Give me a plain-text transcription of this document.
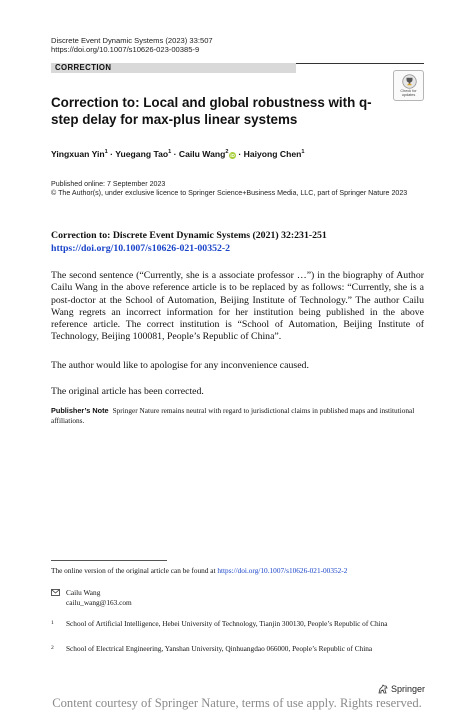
Discrete Event Dynamic Systems (2023) 33:507
https://doi.org/10.1007/s10626-023-00385-9
CORRECTION
Check for
updates
Correction to: Local and global robustness with q-step delay for max-plus linear systems
Yingxuan Yin$^1$ · Yuegang Tao$^1$ · Cailu Wang$^2$iD · Haiyong Chen$^1$
Published online: 7 September 2023
© The Author(s), under exclusive licence to Springer Science+Business Media, LLC, part of Springer Nature 2023
Correction to: Discrete Event Dynamic Systems (2021) 32:231-251
https://doi.org/10.1007/s10626-021-00352-2

The second sentence (“Currently, she is a associate professor …”) in the biography of Author Cailu Wang in the above reference article is to be replaced by as follows: “Currently, she is a post-doctor at the School of Automation, Beijing Institute of Technology.” The author Cailu Wang regrets an incorrect information for her institution being published in the above reference article. The correct institution is “School of Automation, Beijing Institute of Technology, Beijing 100081, People’s Republic of China”.

The author would like to apologise for any inconvenience caused.

The original article has been corrected.

Publisher’s Note Springer Nature remains neutral with regard to jurisdictional claims in published maps and institutional affiliations.
The online version of the original article can be found at https://doi.org/10.1007/s10626-021-00352-2
Cailu Wang
cailu_wang@163.com
1 School of Artificial Intelligence, Hebei University of Technology, Tianjin 300130, People’s Republic of China
2 School of Electrical Engineering, Yanshan University, Qinhuangdao 066000, People’s Republic of China
Springer
Content courtesy of Springer Nature, terms of use apply. Rights reserved.
